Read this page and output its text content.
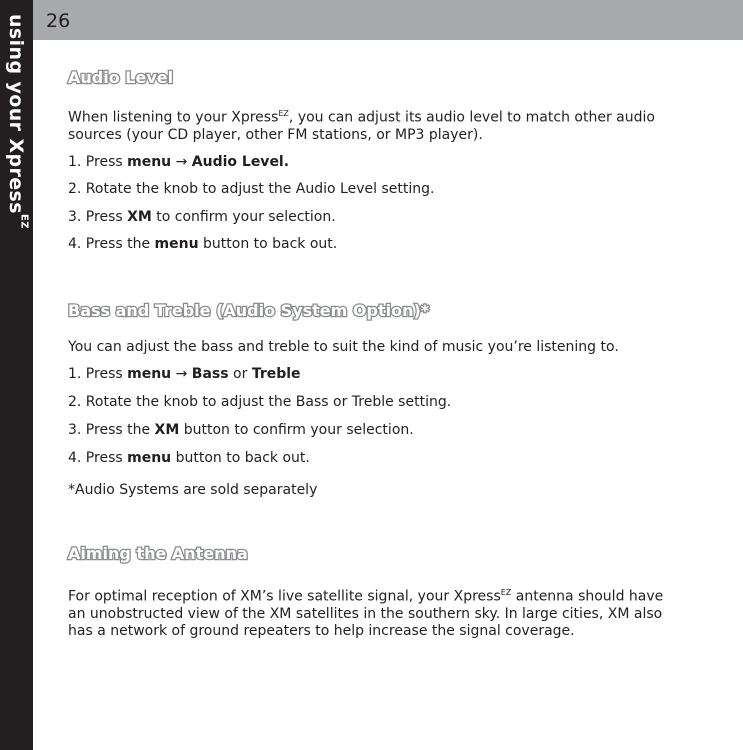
using your Xpress$^{EZ}$
26
Audio Level

When listening to your Xpress$^{EZ}$, you can adjust its audio level to match other audio sources (your CD player, other FM stations, or MP3 player).

1. Press menu → Audio Level.

2. Rotate the knob to adjust the Audio Level setting.

3. Press XM to confirm your selection.

4. Press the menu button to back out.

Bass and Treble (Audio System Option)*

You can adjust the bass and treble to suit the kind of music you’re listening to.

1. Press menu → Bass or Treble

2. Rotate the knob to adjust the Bass or Treble setting.

3. Press the XM button to confirm your selection.

4. Press menu button to back out.

*Audio Systems are sold separately

Aiming the Antenna

For optimal reception of XM’s live satellite signal, your Xpress$^{EZ}$ antenna should have an unobstructed view of the XM satellites in the southern sky. In large cities, XM also has a network of ground repeaters to help increase the signal coverage.
